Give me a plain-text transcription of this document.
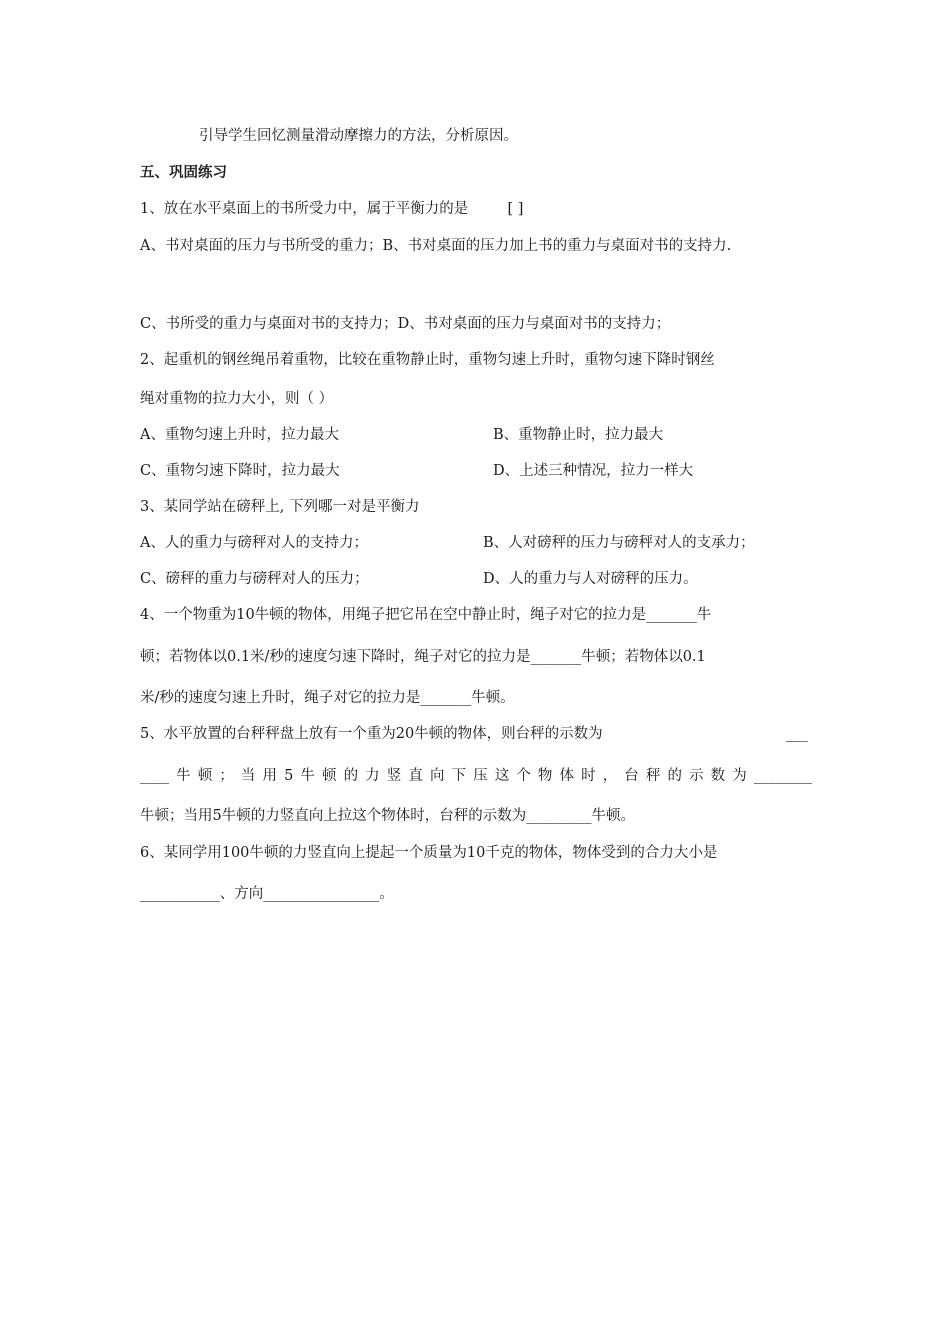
引导学生回忆测量滑动摩擦力的方法，分析原因。
五、巩固练习
1、放在水平桌面上的书所受力中，属于平衡力的是	[ ]
A、书对桌面的压力与书所受的重力；B、书对桌面的压力加上书的重力与桌面对书的支持力.
C、书所受的重力与桌面对书的支持力；D、书对桌面的压力与桌面对书的支持力；
2、起重机的钢丝绳吊着重物，比较在重物静止时，重物匀速上升时，重物匀速下降时钢丝
绳对重物的拉力大小，则（ ）
A、重物匀速上升时，拉力最大	B、重物静止时，拉力最大
C、重物匀速下降时，拉力最大	D、上述三种情况，拉力一样大
3、某同学站在磅秤上, 下列哪一对是平衡力
A、人的重力与磅秤对人的支持力；	B、人对磅秤的压力与磅秤对人的支承力；
C、磅秤的重力与磅秤对人的压力；	D、人的重力与人对磅秤的压力。
4、一个物重为10牛顿的物体，用绳子把它吊在空中静止时，绳子对它的拉力是_______牛
顿；若物体以0.1米/秒的速度匀速下降时，绳子对它的拉力是_______牛顿；若物体以0.1
米/秒的速度匀速上升时，绳子对它的拉力是_______牛顿。
5、水平放置的台秤秤盘上放有一个重为20牛顿的物体，则台秤的示数为	___
____ 牛 顿 ； 当 用 5 牛 顿 的 力 竖 直 向 下 压 这 个 物 体 时 ， 台 秤 的 示 数 为 ________
牛顿；当用5牛顿的力竖直向上拉这个物体时，台秤的示数为_________牛顿。
6、某同学用100牛顿的力竖直向上提起一个质量为10千克的物体，物体受到的合力大小是
___________、方向________________。
